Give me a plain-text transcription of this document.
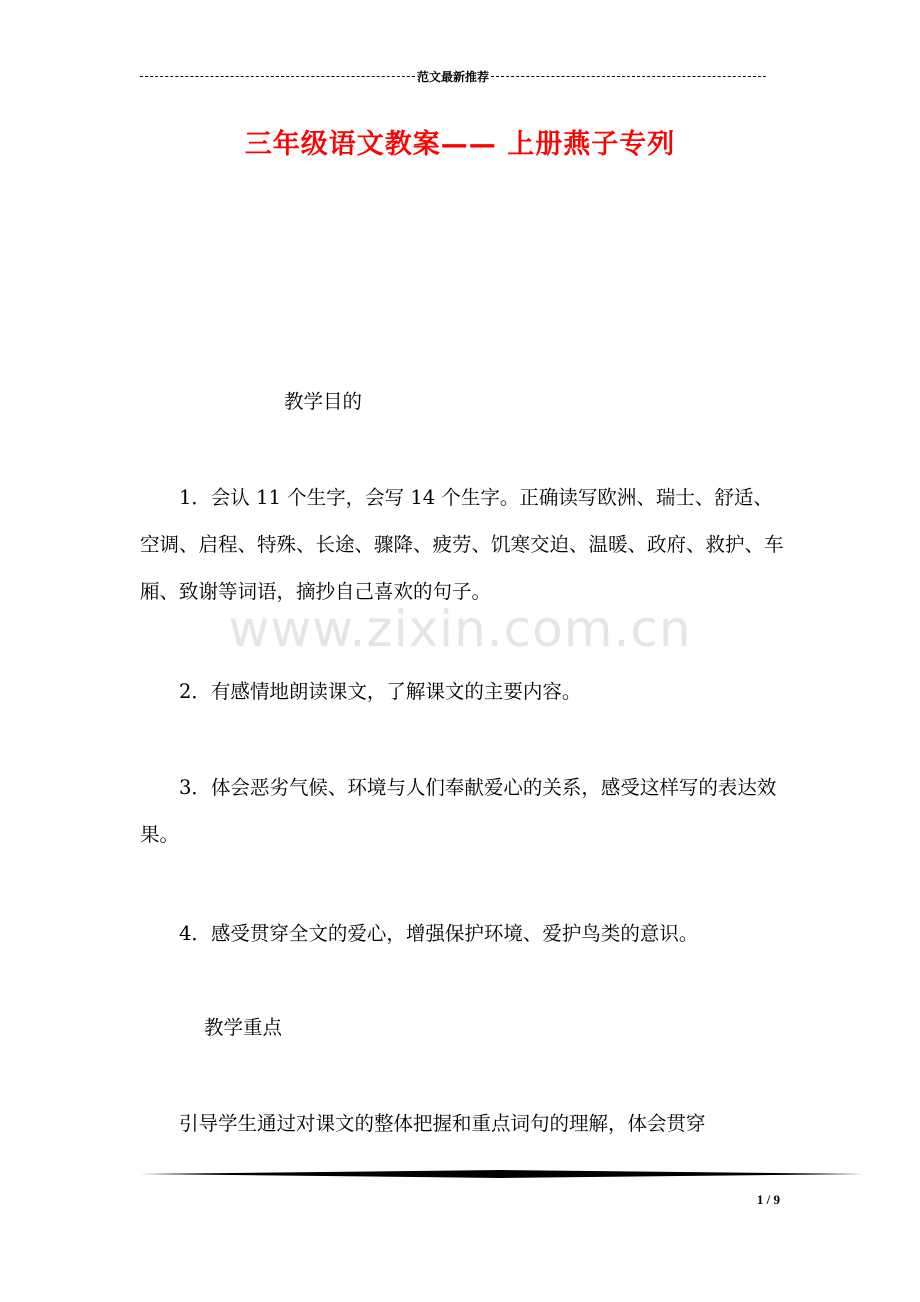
范文最新推荐
三年级语文教案—— 上册燕子专列
教学目的

1．会认 11 个生字，会写 14 个生字。正确读写欧洲、瑞士、舒适、空调、启程、特殊、长途、骤降、疲劳、饥寒交迫、温暖、政府、救护、车厢、致谢等词语，摘抄自己喜欢的句子。

2．有感情地朗读课文，了解课文的主要内容。

3．体会恶劣气候、环境与人们奉献爱心的关系，感受这样写的表达效果。

4．感受贯穿全文的爱心，增强保护环境、爱护鸟类的意识。

教学重点

引导学生通过对课文的整体把握和重点词句的理解，体会贯穿

www.zixin.com.cn
1 / 9
